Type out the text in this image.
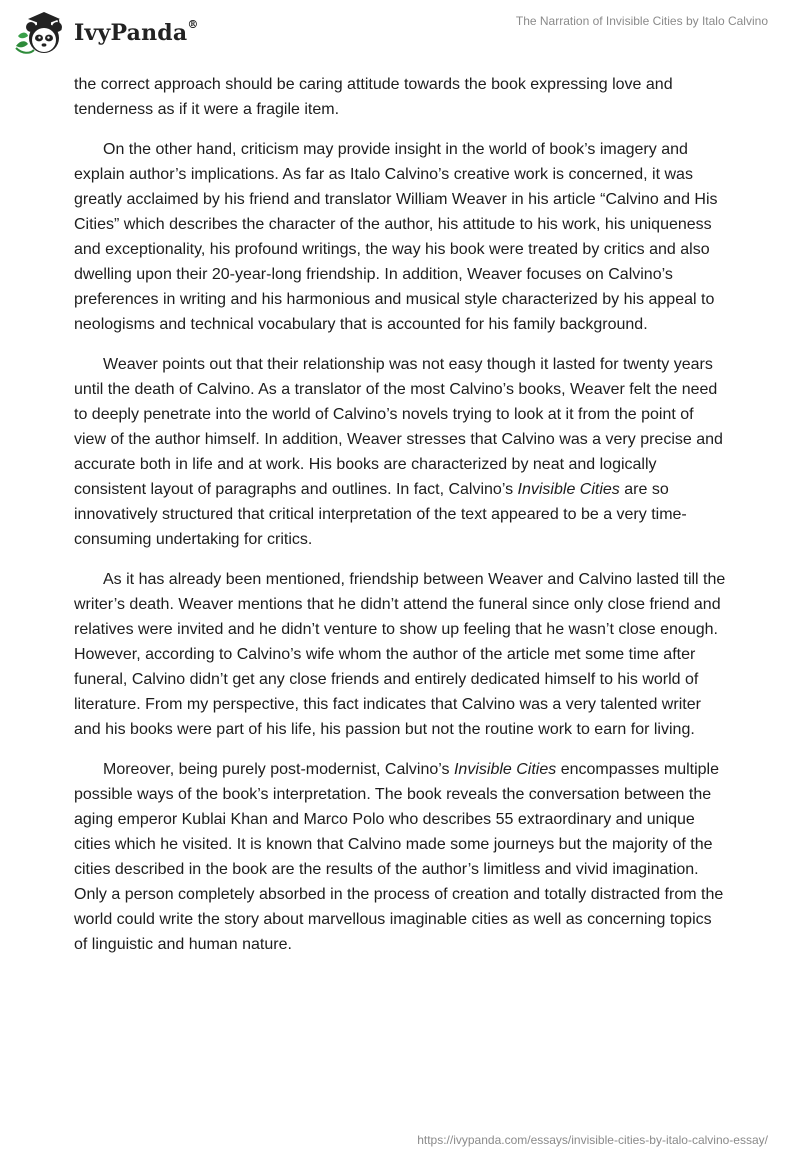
IvyPanda®	The Narration of Invisible Cities by Italo Calvino

the correct approach should be caring attitude towards the book expressing love and tenderness as if it were a fragile item.

On the other hand, criticism may provide insight in the world of book’s imagery and explain author’s implications. As far as Italo Calvino’s creative work is concerned, it was greatly acclaimed by his friend and translator William Weaver in his article “Calvino and His Cities” which describes the character of the author, his attitude to his work, his uniqueness and exceptionality, his profound writings, the way his book were treated by critics and also dwelling upon their 20-year-long friendship. In addition, Weaver focuses on Calvino’s preferences in writing and his harmonious and musical style characterized by his appeal to neologisms and technical vocabulary that is accounted for his family background.

Weaver points out that their relationship was not easy though it lasted for twenty years until the death of Calvino. As a translator of the most Calvino’s books, Weaver felt the need to deeply penetrate into the world of Calvino’s novels trying to look at it from the point of view of the author himself. In addition, Weaver stresses that Calvino was a very precise and accurate both in life and at work. His books are characterized by neat and logically consistent layout of paragraphs and outlines. In fact, Calvino’s Invisible Cities are so innovatively structured that critical interpretation of the text appeared to be a very time-consuming undertaking for critics.

As it has already been mentioned, friendship between Weaver and Calvino lasted till the writer’s death. Weaver mentions that he didn’t attend the funeral since only close friend and relatives were invited and he didn’t venture to show up feeling that he wasn’t close enough. However, according to Calvino’s wife whom the author of the article met some time after funeral, Calvino didn’t get any close friends and entirely dedicated himself to his world of literature. From my perspective, this fact indicates that Calvino was a very talented writer and his books were part of his life, his passion but not the routine work to earn for living.

Moreover, being purely post-modernist, Calvino’s Invisible Cities encompasses multiple possible ways of the book’s interpretation. The book reveals the conversation between the aging emperor Kublai Khan and Marco Polo who describes 55 extraordinary and unique cities which he visited. It is known that Calvino made some journeys but the majority of the cities described in the book are the results of the author’s limitless and vivid imagination. Only a person completely absorbed in the process of creation and totally distracted from the world could write the story about marvellous imaginable cities as well as concerning topics of linguistic and human nature.

https://ivypanda.com/essays/invisible-cities-by-italo-calvino-essay/
